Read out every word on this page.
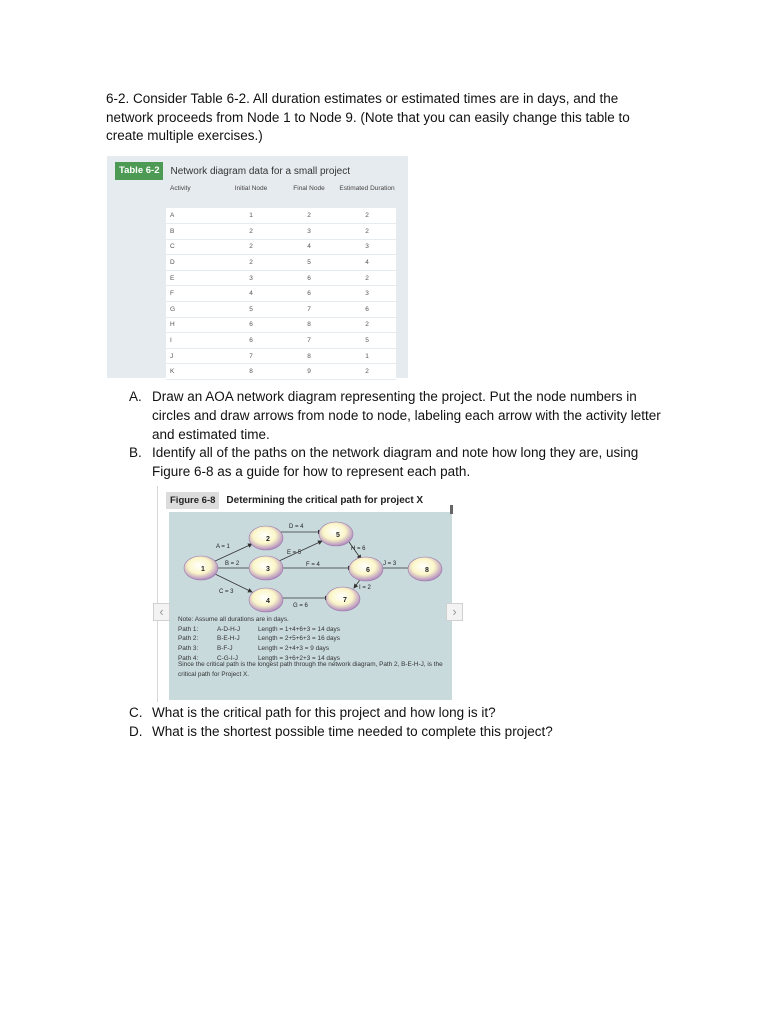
6-2. Consider Table 6-2. All duration estimates or estimated times are in days, and the network proceeds from Node 1 to Node 9. (Note that you can easily change this table to create multiple exercises.)

Table 6-2	Network diagram data for a small project
Activity	Initial Node	Final Node	Estimated Duration
A	1	2	2
B	2	3	2
C	2	4	3
D	2	5	4
E	3	6	2
F	4	6	3
G	5	7	6
H	6	8	2
I	6	7	5
J	7	8	1
K	8	9	2
A. Draw an AOA network diagram representing the project. Put the node numbers in circles and draw arrows from node to node, labeling each arrow with the activity letter and estimated time.
B. Identify all of the paths on the network diagram and note how long they are, using Figure 6-8 as a guide for how to represent each path.
Figure 6-8	Determining the critical path for project X
A = 1
B = 2
C = 3
D = 4
E = 5
F = 4
G = 6
H = 6
I = 2
J = 3
1
2
3
4
5
6
7
8
Note: Assume all durations are in days.
Path 1:	A-D-H-J	Length = 1+4+6+3 = 14 days
Path 2:	B-E-H-J	Length = 2+5+6+3 = 16 days
Path 3:	B-F-J	Length = 2+4+3 = 9 days
Path 4:	C-G-I-J	Length = 3+6+2+3 = 14 days
Since the critical path is the longest path through the network diagram, Path 2, B-E-H-J, is the critical path for Project X.
‹	›
C. What is the critical path for this project and how long is it?
D. What is the shortest possible time needed to complete this project?
